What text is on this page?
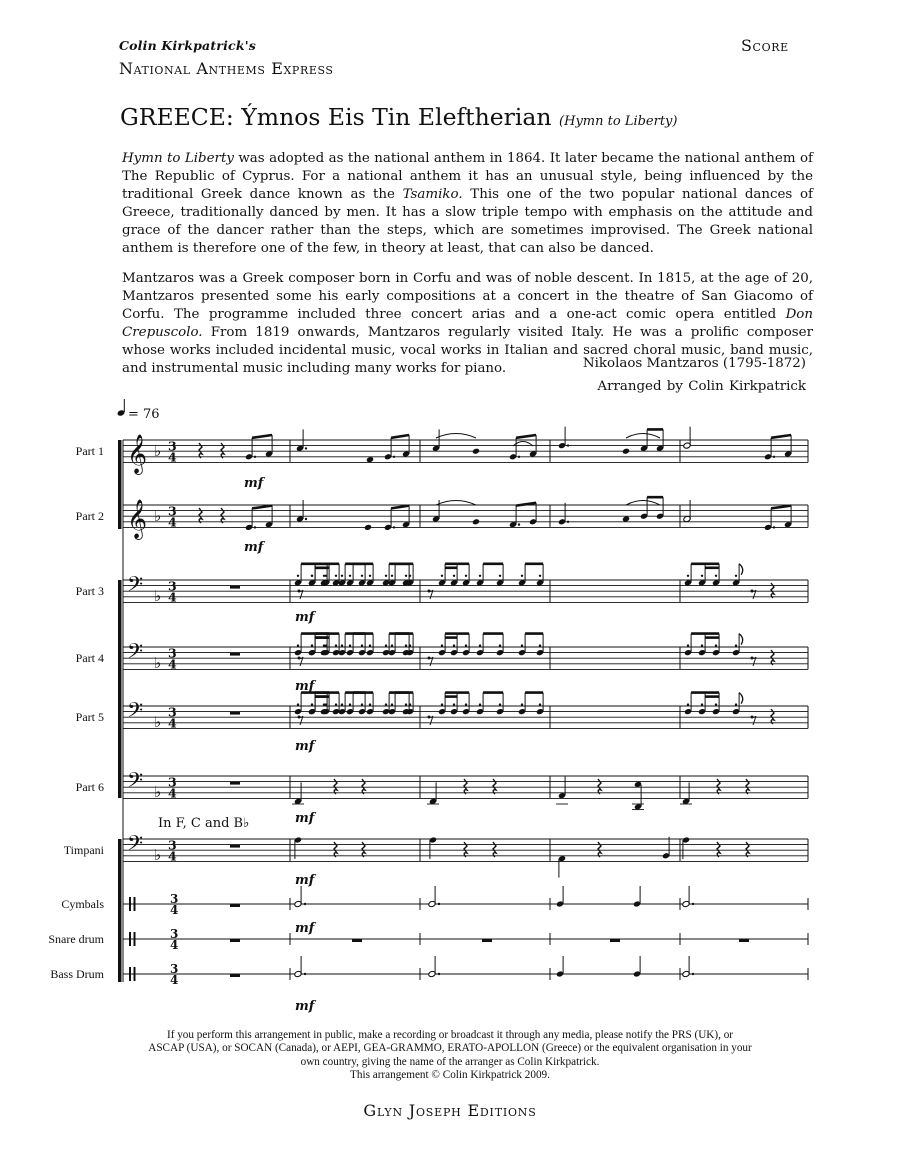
Colin Kirkpatrick's
National Anthems Express
Score
GREECE: Ýmnos Eis Tin Eleftherian (Hymn to Liberty)
Hymn to Liberty was adopted as the national anthem in 1864. It later became the national anthem of The Republic of Cyprus. For a national anthem it has an unusual style, being influenced by the traditional Greek dance known as the Tsamiko. This one of the two popular national dances of Greece, traditionally danced by men. It has a slow triple tempo with emphasis on the attitude and grace of the dancer rather than the steps, which are sometimes improvised. The Greek national anthem is therefore one of the few, in theory at least, that can also be danced.
Mantzaros was a Greek composer born in Corfu and was of noble descent. In 1815, at the age of 20, Mantzaros presented some his early compositions at a concert in the theatre of San Giacomo of Corfu. The programme included three concert arias and a one-act comic opera entitled Don Crepuscolo. From 1819 onwards, Mantzaros regularly visited Italy. He was a prolific composer whose works included incidental music, vocal works in Italian and sacred choral music, band music, and instrumental music including many works for piano.	Nikolaos Mantzaros (1795-1872)
Arranged by Colin Kirkpatrick
= 76
𝄞 ♭ 3
4
Part 1
𝄞 ♭ 3
4
Part 2
𝄢 ♭
3
4
Part 3
𝄢 ♭
3
4
Part 4
𝄢 ♭
3
4
Part 5
𝄢 ♭
3
4
Part 6
𝄢 ♭
3
4
Timpani
3
4
Cymbals
3
4
Snare drum
3
4
Bass Drum
mf
mf
mf
mf
mf
mf
In F, C and B♭
mf
mf
mf
If you perform this arrangement in public, make a recording or broadcast it through any media, please notify the PRS (UK), or
ASCAP (USA), or SOCAN (Canada), or AEPI, GEA-GRAMMO, ERATO-APOLLON (Greece) or the equivalent organisation in your
own country, giving the name of the arranger as Colin Kirkpatrick.
This arrangement © Colin Kirkpatrick 2009.
Glyn Joseph Editions
